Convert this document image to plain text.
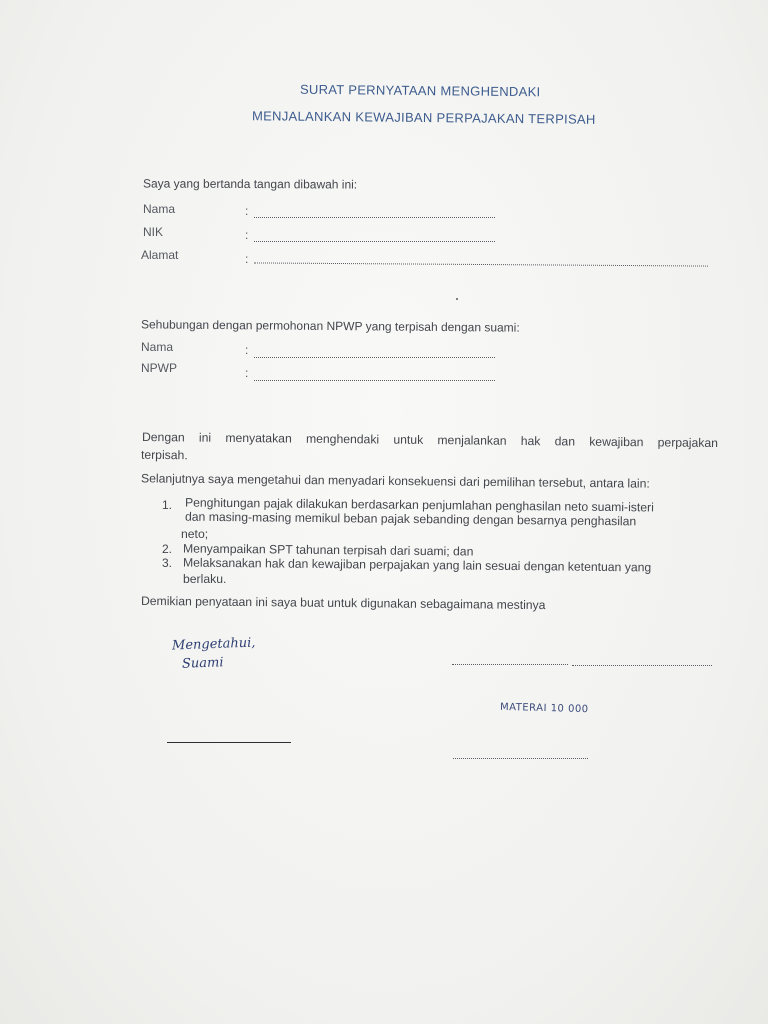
SURAT PERNYATAAN MENGHENDAKI
MENJALANKAN KEWAJIBAN PERPAJAKAN TERPISAH
Saya yang bertanda tangan dibawah ini:
Nama	:
NIK	:
Alamat	:
Sehubungan dengan permohonan NPWP yang terpisah dengan suami:
Nama	:
NPWP	:
Dengan ini menyatakan menghendaki untuk menjalankan hak dan kewajiban perpajakan
terpisah.
Selanjutnya saya mengetahui dan menyadari konsekuensi dari pemilihan tersebut, antara lain:
1. Penghitungan pajak dilakukan berdasarkan penjumlahan penghasilan neto suami-isteri
dan masing-masing memikul beban pajak sebanding dengan besarnya penghasilan
neto;
2. Menyampaikan SPT tahunan terpisah dari suami; dan
3. Melaksanakan hak dan kewajiban perpajakan yang lain sesuai dengan ketentuan yang
berlaku.
Demikian penyataan ini saya buat untuk digunakan sebagaimana mestinya
Mengetahui,
Suami
MATERAI 10 000
